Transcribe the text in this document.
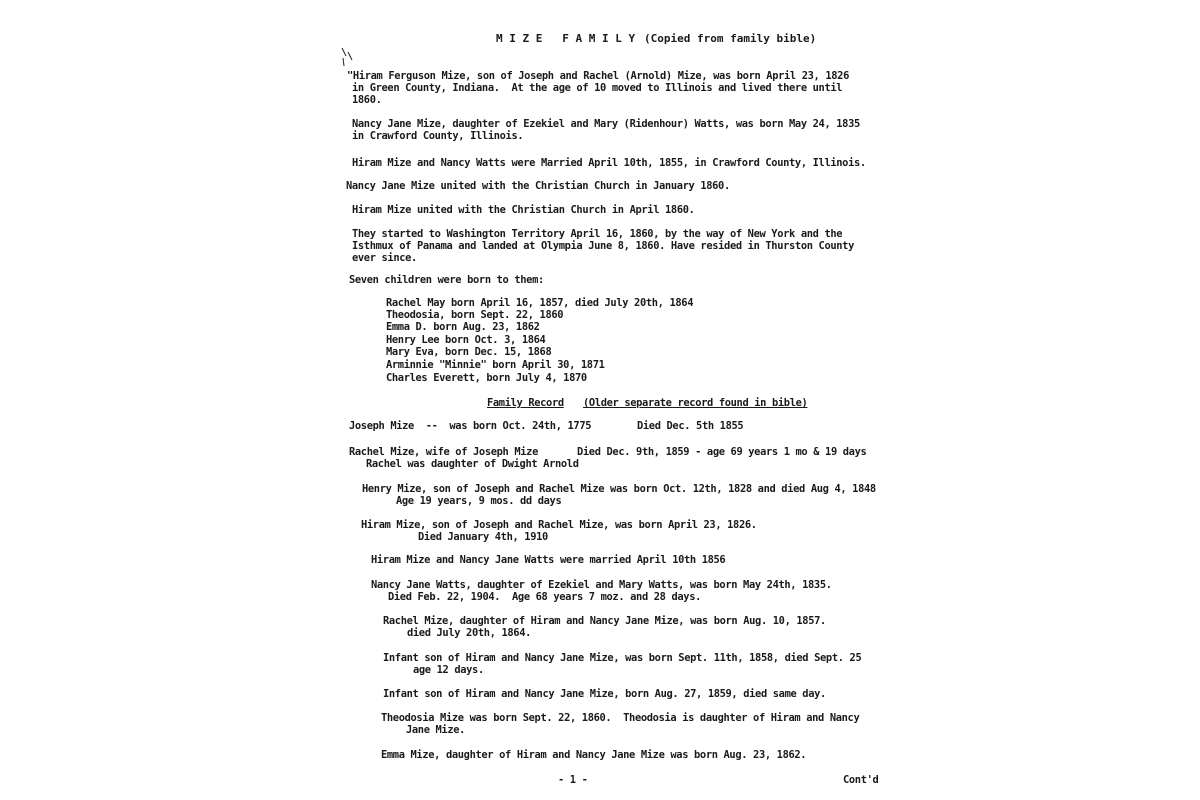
M I Z E   F A M I L Y (Copied from family bible)
"Hiram Ferguson Mize, son of Joseph and Rachel (Arnold) Mize, was born April 23, 1826
in Green County, Indiana.  At the age of 10 moved to Illinois and lived there until
1860.
Nancy Jane Mize, daughter of Ezekiel and Mary (Ridenhour) Watts, was born May 24, 1835
in Crawford County, Illinois.
Hiram Mize and Nancy Watts were Married April 10th, 1855, in Crawford County, Illinois.
Nancy Jane Mize united with the Christian Church in January 1860.
Hiram Mize united with the Christian Church in April 1860.
They started to Washington Territory April 16, 1860, by the way of New York and the
Isthmux of Panama and landed at Olympia June 8, 1860. Have resided in Thurston County
ever since.
Seven children were born to them:
Rachel May born April 16, 1857, died July 20th, 1864
Theodosia, born Sept. 22, 1860
Emma D. born Aug. 23, 1862
Henry Lee born Oct. 3, 1864
Mary Eva, born Dec. 15, 1868
Arminnie "Minnie" born April 30, 1871
Charles Everett, born July 4, 1870
Family Record (Older separate record found in bible)
Joseph Mize  --  was born Oct. 24th, 1775	Died Dec. 5th 1855
Rachel Mize, wife of Joseph Mize	Died Dec. 9th, 1859 - age 69 years 1 mo & 19 days
Rachel was daughter of Dwight Arnold
Henry Mize, son of Joseph and Rachel Mize was born Oct. 12th, 1828 and died Aug 4, 1848
Age 19 years, 9 mos. dd days
Hiram Mize, son of Joseph and Rachel Mize, was born April 23, 1826.
Died January 4th, 1910
Hiram Mize and Nancy Jane Watts were married April 10th 1856
Nancy Jane Watts, daughter of Ezekiel and Mary Watts, was born May 24th, 1835.
Died Feb. 22, 1904.  Age 68 years 7 moz. and 28 days.
Rachel Mize, daughter of Hiram and Nancy Jane Mize, was born Aug. 10, 1857.
died July 20th, 1864.
Infant son of Hiram and Nancy Jane Mize, was born Sept. 11th, 1858, died Sept. 25
age 12 days.
Infant son of Hiram and Nancy Jane Mize, born Aug. 27, 1859, died same day.
Theodosia Mize was born Sept. 22, 1860.  Theodosia is daughter of Hiram and Nancy
Jane Mize.
Emma Mize, daughter of Hiram and Nancy Jane Mize was born Aug. 23, 1862.
- 1 -	Cont'd
